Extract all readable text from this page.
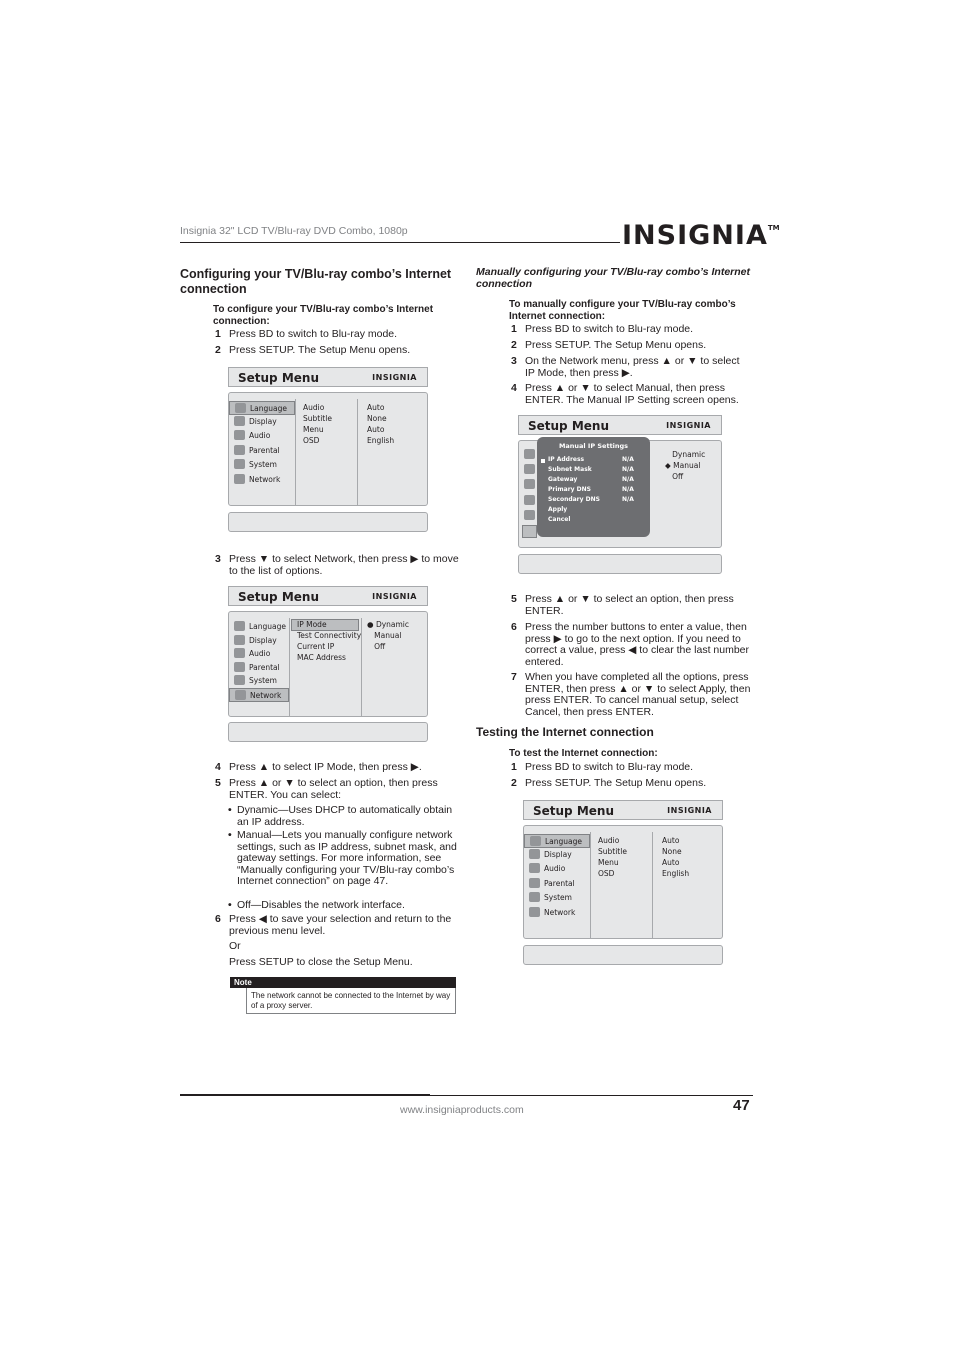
Insignia 32" LCD TV/Blu-ray DVD Combo, 1080p	INSIGNIA™
Configuring your TV/Blu-ray combo’s Internet connection
To configure your TV/Blu-ray combo’s Internet connection:
1 Press BD to switch to Blu-ray mode.
2 Press SETUP. The Setup Menu opens.
Setup Menu	INSIGNIA
Language
Display
Audio
Parental
System
Network
Audio
Subtitle
Menu
OSD
Auto
None
Auto
English
3 Press ▼ to select Network, then press ▶ to move to the list of options.
Setup Menu	INSIGNIA
Language
Display
Audio
Parental
System
Network
IP Mode
Test Connectivity
Current IP
MAC Address
● Dynamic
Manual
Off
4 Press ▲ to select IP Mode, then press ▶.
5 Press ▲ or ▼ to select an option, then press ENTER. You can select:
• Dynamic—Uses DHCP to automatically obtain an IP address.
• Manual—Lets you manually configure network settings, such as IP address, subnet mask, and gateway settings. For more information, see “Manually configuring your TV/Blu-ray combo’s Internet connection” on page 47.
• Off—Disables the network interface.
6 Press ◀ to save your selection and return to the previous menu level.
Or
Press SETUP to close the Setup Menu.
Note
The network cannot be connected to the Internet by way of a proxy server.
Manually configuring your TV/Blu-ray combo’s Internet connection
To manually configure your TV/Blu-ray combo’s Internet connection:
1 Press BD to switch to Blu-ray mode.
2 Press SETUP. The Setup Menu opens.
3 On the Network menu, press ▲ or ▼ to select IP Mode, then press ▶.
4 Press ▲ or ▼ to select Manual, then press ENTER. The Manual IP Setting screen opens.
Setup Menu	INSIGNIA
Dynamic
◆ Manual
Off
Manual IP Settings
IP Address
Subnet Mask
Gateway
Primary DNS
Secondary DNS
Apply
Cancel
N/A
N/A
N/A
N/A
N/A
5 Press ▲ or ▼ to select an option, then press ENTER.
6 Press the number buttons to enter a value, then press ▶ to go to the next option. If you need to correct a value, press ◀ to clear the last number entered.
7 When you have completed all the options, press ENTER, then press ▲ or ▼ to select Apply, then press ENTER. To cancel manual setup, select Cancel, then press ENTER.
Testing the Internet connection
To test the Internet connection:
1 Press BD to switch to Blu-ray mode.
2 Press SETUP. The Setup Menu opens.
Setup Menu	INSIGNIA
Language
Display
Audio
Parental
System
Network
Audio
Subtitle
Menu
OSD
Auto
None
Auto
English
www.insigniaproducts.com	47
